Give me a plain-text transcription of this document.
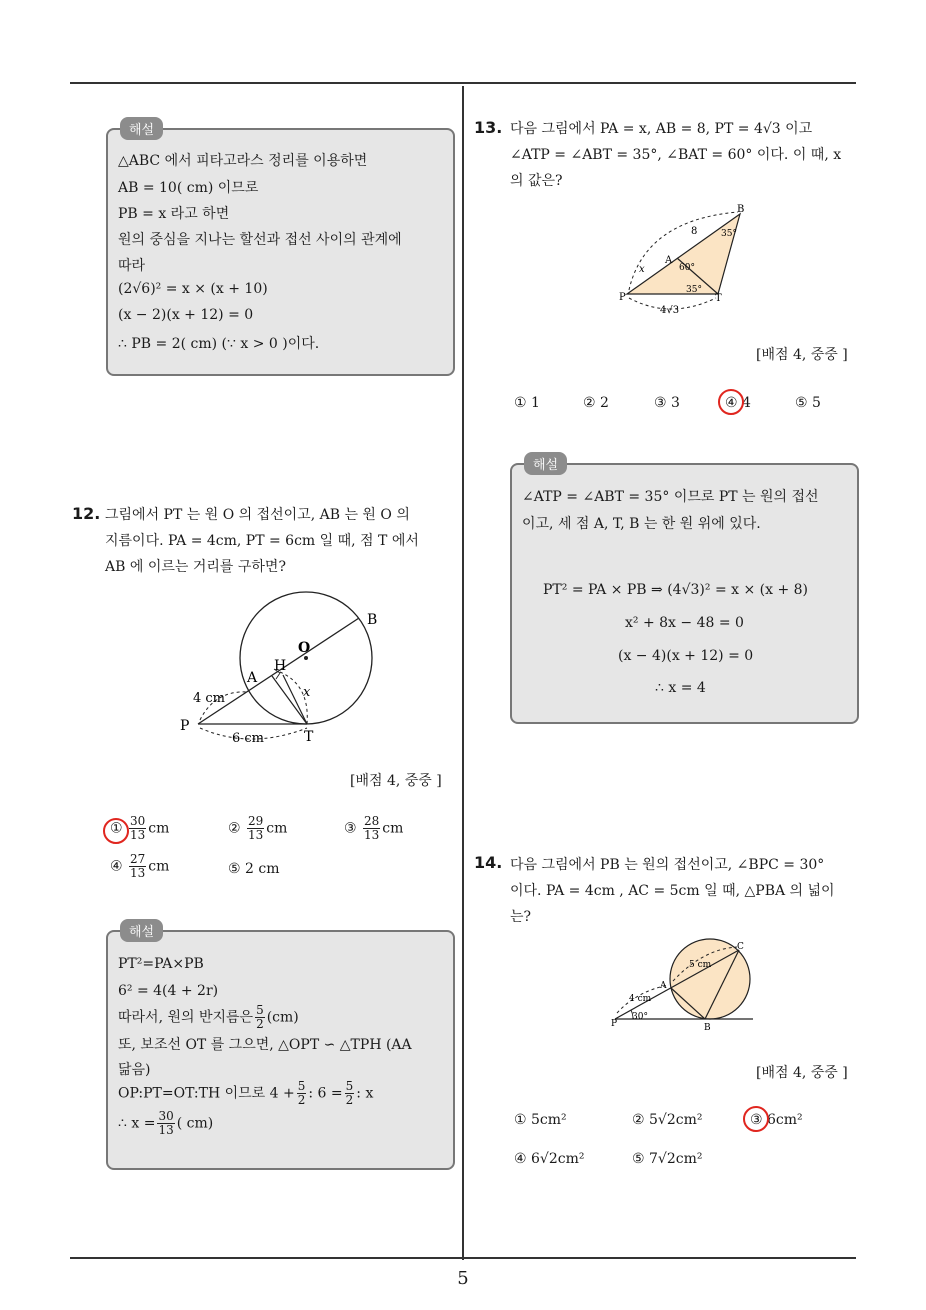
5
해설
△ABC 에서 피타고라스 정리를 이용하면
AB = 10( cm) 이므로
PB = x 라고 하면
원의 중심을 지나는 할선과 접선 사이의 관계에
따라
(2√6)² = x × (x + 10)
(x − 2)(x + 12) = 0
∴ PB = 2( cm) (∵ x > 0 )이다.
12. 그림에서 PT 는 원 O 의 접선이고, AB 는 원 O 의
지름이다. PA = 4cm, PT = 6cm 일 때, 점 T 에서
AB 에 이르는 거리를 구하면?
B
O
H
A
x
4 cm
P
6 cm	T
[배점 4, 중중 ]
① $\frac{30}{13}$ cm	② $\frac{29}{13}$ cm	③ $\frac{28}{13}$ cm
④ $\frac{27}{13}$ cm	⑤ 2 cm
해설
PT²=PA×PB
6² = 4(4 + 2r)
따라서, 원의 반지름은 $\frac{5}{2} (cm)$
또, 보조선 OT 를 그으면, △OPT ∽ △TPH (AA
닮음)
OP:PT=OT:TH 이므로 $4 + \frac{5}{2}$ : $6 = \frac{5}{2}$ : x
∴ $x = \frac{30}{13}$ ( cm)
13. 다음 그림에서 PA = x, AB = 8, PT = 4√3 이고
∠ATP = ∠ABT = 35°, ∠BAT = 60° 이다. 이 때, x
의 값은?
B
8	35°
x
A
60°
35°
P	T
4√3
[배점 4, 중중 ]
① 1	② 2	③ 3	④ 4	⑤ 5
해설
∠ATP = ∠ABT = 35° 이므로 PT 는 원의 접선
이고, 세 점 A, T, B 는 한 원 위에 있다.
PT² = PA × PB ⇒ (4√3)² = x × (x + 8)
x² + 8x − 48 = 0
(x − 4)(x + 12) = 0
∴ x = 4
14. 다음 그림에서 PB 는 원의 접선이고, ∠BPC = 30°
이다. PA = 4cm , AC = 5cm 일 때, △PBA 의 넓이
는?
C
5 cm
A
4 cm
P
30°
B
[배점 4, 중중 ]
① 5cm²	② 5√2cm²	③ 6cm²
④ 6√2cm²	⑤ 7√2cm²
